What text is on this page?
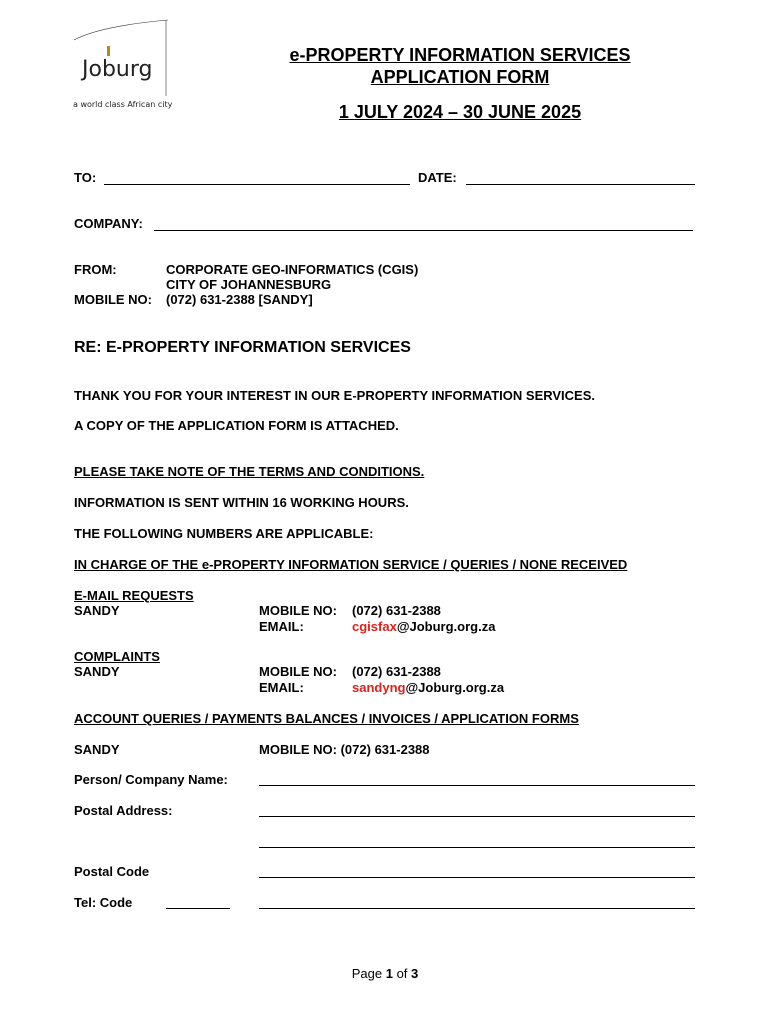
Joburg
a world class African city
e-PROPERTY INFORMATION SERVICES
APPLICATION FORM
1 JULY 2024 – 30 JUNE 2025
TO:	DATE:
COMPANY:
FROM:	CORPORATE GEO-INFORMATICS (CGIS)
CITY OF JOHANNESBURG
MOBILE NO: (072) 631-2388 [SANDY]
RE: E-PROPERTY INFORMATION SERVICES
THANK YOU FOR YOUR INTEREST IN OUR E-PROPERTY INFORMATION SERVICES.
A COPY OF THE APPLICATION FORM IS ATTACHED.
PLEASE TAKE NOTE OF THE TERMS AND CONDITIONS.
INFORMATION IS SENT WITHIN 16 WORKING HOURS.
THE FOLLOWING NUMBERS ARE APPLICABLE:
IN CHARGE OF THE e-PROPERTY INFORMATION SERVICE / QUERIES / NONE RECEIVED
E-MAIL REQUESTS
SANDY	MOBILE NO: (072) 631-2388
EMAIL:	cgisfax@Joburg.org.za
COMPLAINTS
SANDY	MOBILE NO: (072) 631-2388
EMAIL:	sandyng@Joburg.org.za
ACCOUNT QUERIES / PAYMENTS BALANCES / INVOICES / APPLICATION FORMS
SANDY	MOBILE NO: (072) 631-2388
Person/ Company Name:
Postal Address:
Postal Code
Tel: Code
Page 1 of 3
